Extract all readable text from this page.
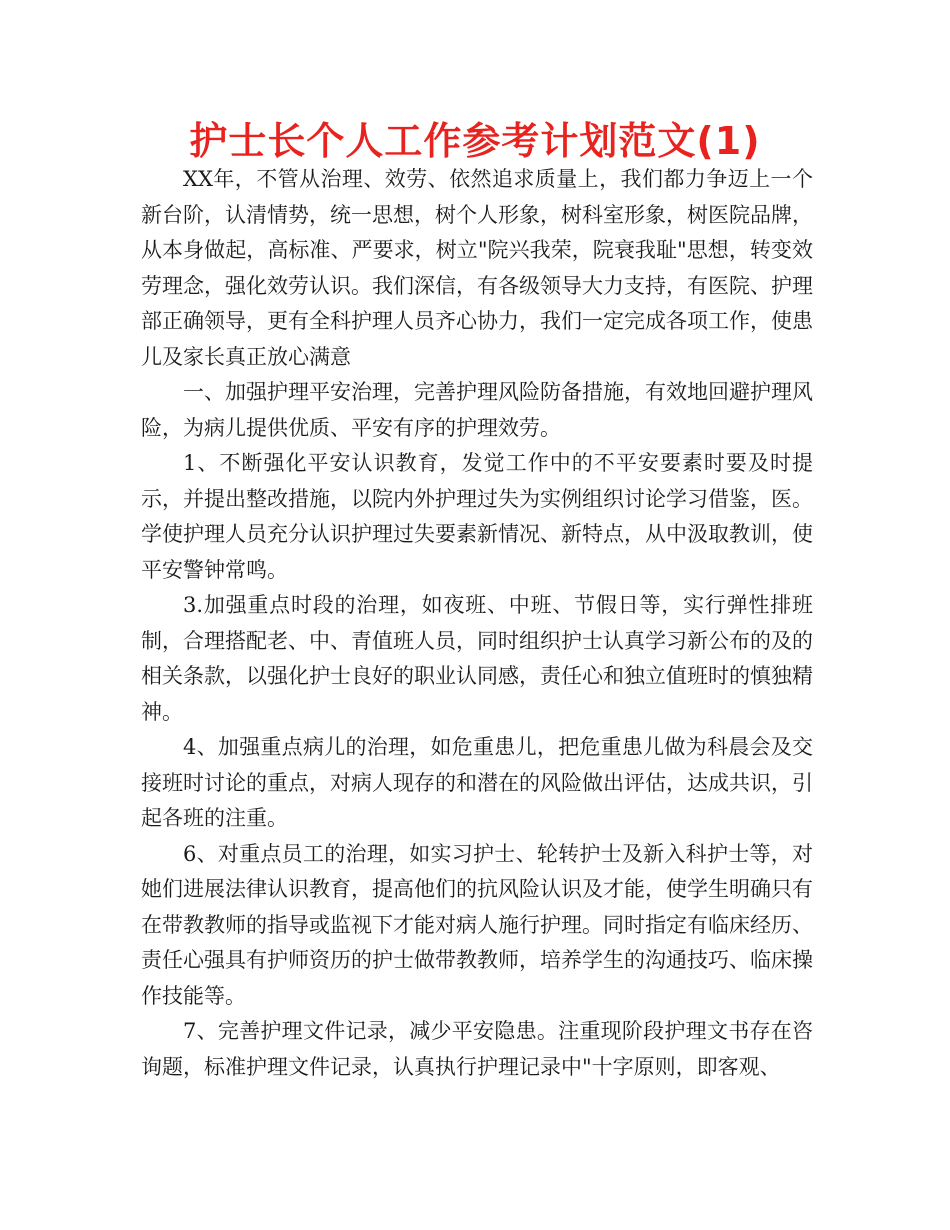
护士长个人工作参考计划范文(1)

XX年，不管从治理、效劳、依然追求质量上，我们都力争迈上一个新台阶，认清情势，统一思想，树个人形象，树科室形象，树医院品牌，从本身做起，高标准、严要求，树立"院兴我荣，院衰我耻"思想，转变效劳理念，强化效劳认识。我们深信，有各级领导大力支持，有医院、护理部正确领导，更有全科护理人员齐心协力，我们一定完成各项工作，使患儿及家长真正放心满意

一、加强护理平安治理，完善护理风险防备措施，有效地回避护理风险，为病儿提供优质、平安有序的护理效劳。

1、不断强化平安认识教育，发觉工作中的不平安要素时要及时提示，并提出整改措施，以院内外护理过失为实例组织讨论学习借鉴，医。学使护理人员充分认识护理过失要素新情况、新特点，从中汲取教训，使平安警钟常鸣。

3.加强重点时段的治理，如夜班、中班、节假日等，实行弹性排班制，合理搭配老、中、青值班人员，同时组织护士认真学习新公布的及的相关条款，以强化护士良好的职业认同感，责任心和独立值班时的慎独精神。

4、加强重点病儿的治理，如危重患儿，把危重患儿做为科晨会及交接班时讨论的重点，对病人现存的和潜在的风险做出评估，达成共识，引起各班的注重。

6、对重点员工的治理，如实习护士、轮转护士及新入科护士等，对她们进展法律认识教育，提高他们的抗风险认识及才能，使学生明确只有在带教教师的指导或监视下才能对病人施行护理。同时指定有临床经历、责任心强具有护师资历的护士做带教教师，培养学生的沟通技巧、临床操作技能等。

7、完善护理文件记录，减少平安隐患。注重现阶段护理文书存在咨询题，标准护理文件记录，认真执行护理记录中"十字原则，即客观、
